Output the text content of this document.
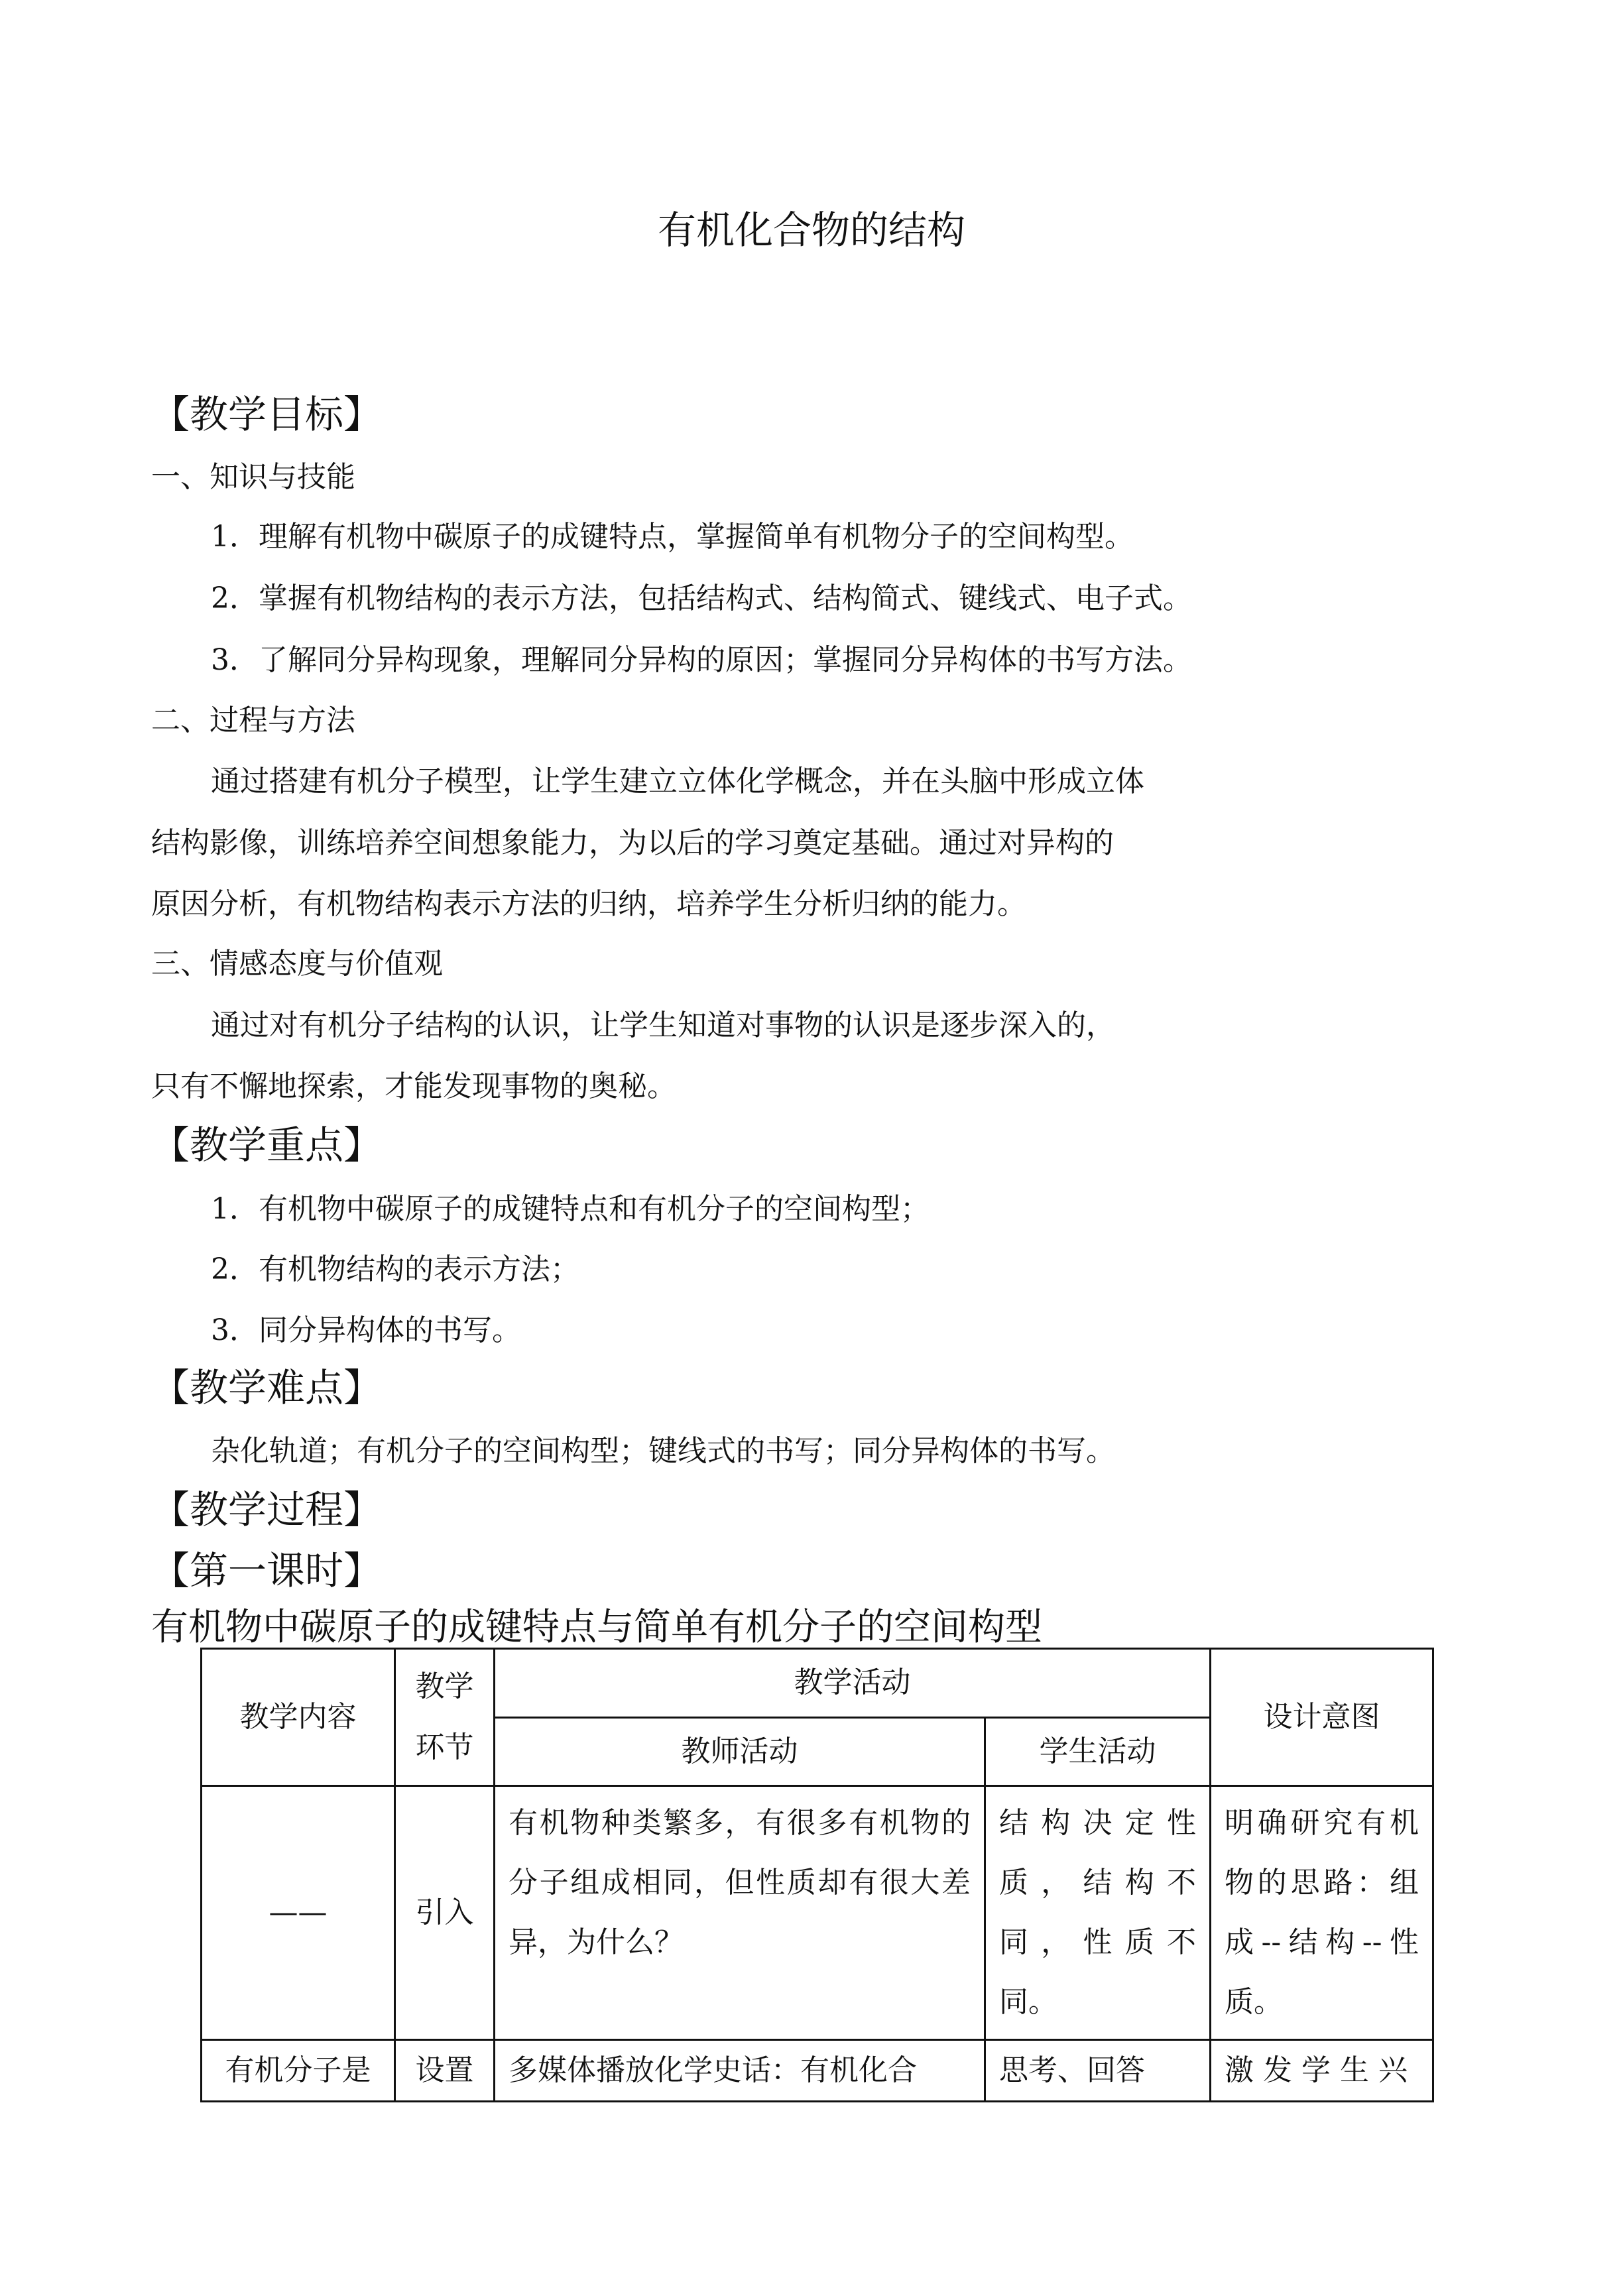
有机化合物的结构
【教学目标】
一、知识与技能
1．理解有机物中碳原子的成键特点，掌握简单有机物分子的空间构型。
2．掌握有机物结构的表示方法，包括结构式、结构简式、键线式、电子式。
3．了解同分异构现象，理解同分异构的原因；掌握同分异构体的书写方法。
二、过程与方法
通过搭建有机分子模型，让学生建立立体化学概念，并在头脑中形成立体
结构影像，训练培养空间想象能力，为以后的学习奠定基础。通过对异构的
原因分析，有机物结构表示方法的归纳，培养学生分析归纳的能力。
三、情感态度与价值观
通过对有机分子结构的认识，让学生知道对事物的认识是逐步深入的，
只有不懈地探索，才能发现事物的奥秘。
【教学重点】
1．有机物中碳原子的成键特点和有机分子的空间构型；
2．有机物结构的表示方法；
3．同分异构体的书写。
【教学难点】
杂化轨道；有机分子的空间构型；键线式的书写；同分异构体的书写。
【教学过程】
【第一课时】
有机物中碳原子的成键特点与简单有机分子的空间构型
教学内容	教学环节	教学活动		设计意图
		教师活动	学生活动	
——	引入	有机物种类繁多，有很多有机物的分子组成相同，但性质却有很大差异，为什么？	结构决定性质，结构不同，性质不同。	明确研究有机物的思路：组成--结构--性质。
有机分子是	设置	多媒体播放化学史话：有机化合	思考、回答	激发学生兴
